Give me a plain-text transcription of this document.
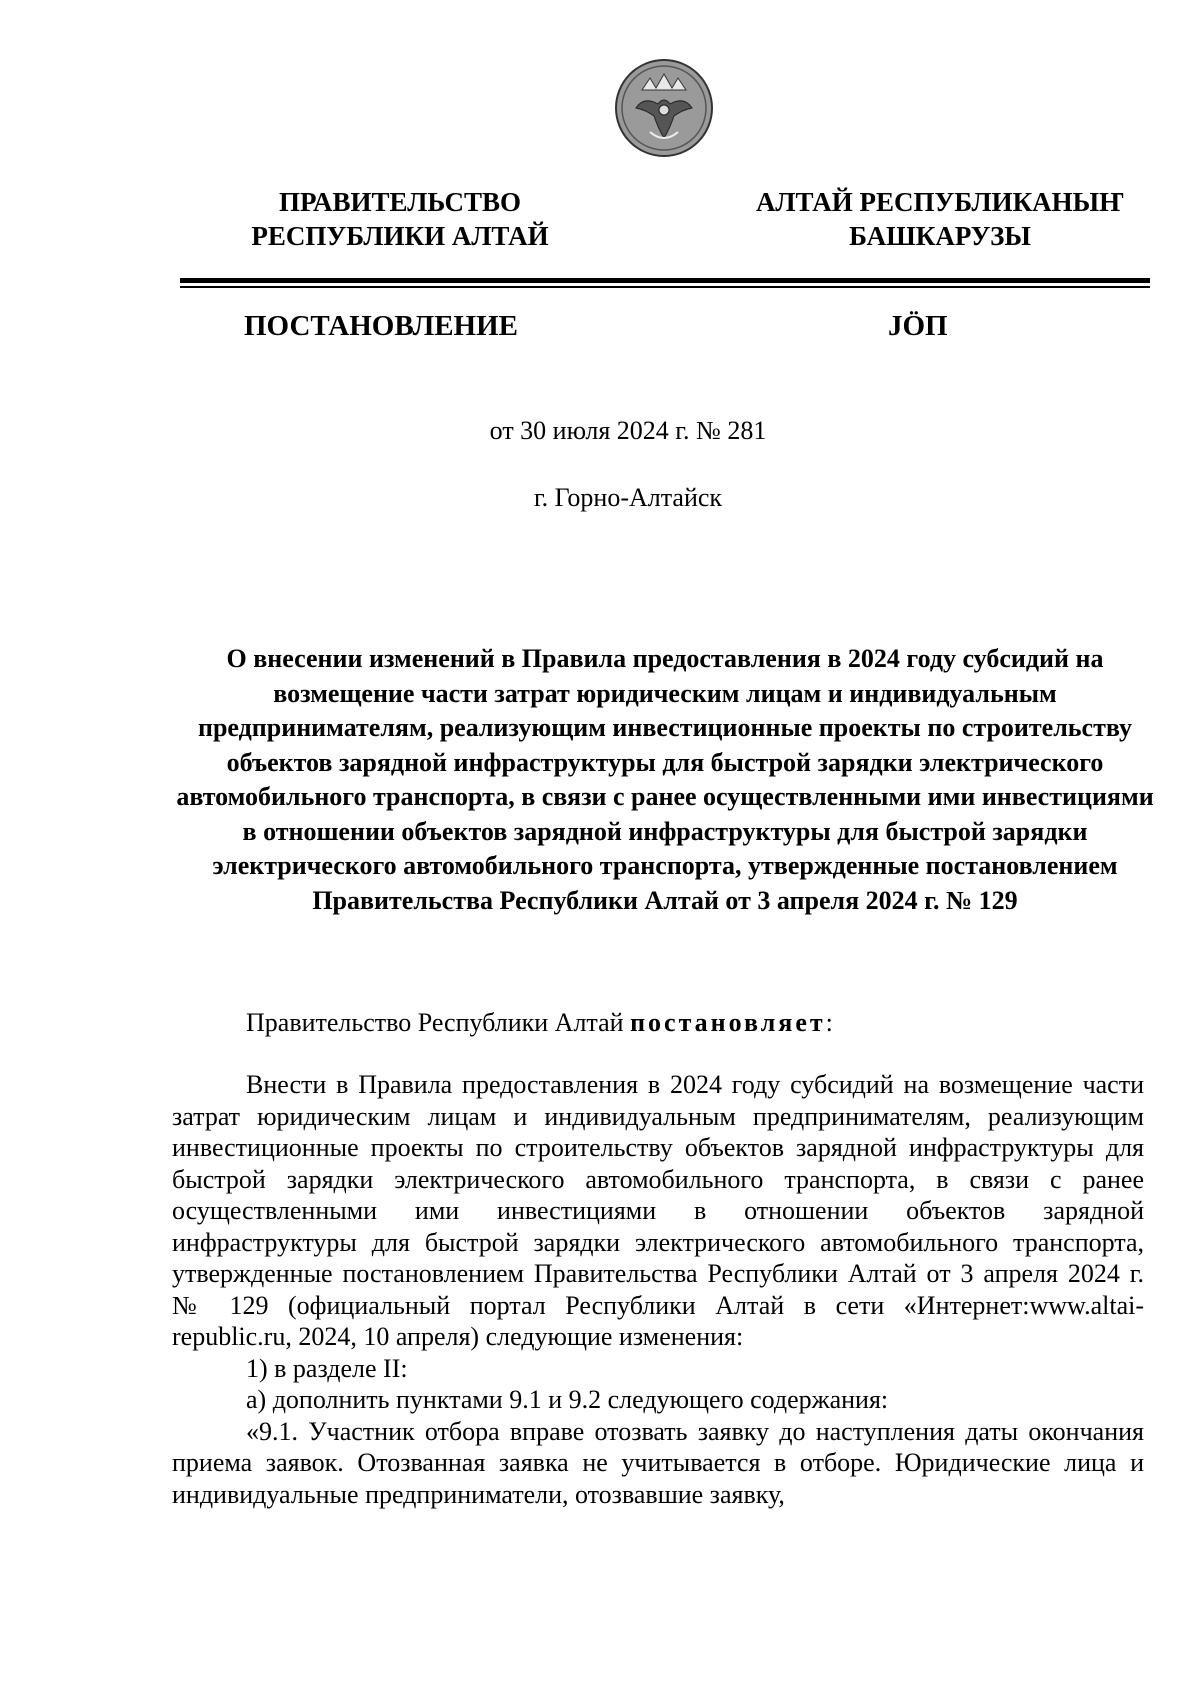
ПРАВИТЕЛЬСТВО
РЕСПУБЛИКИ АЛТАЙ
АЛТАЙ РЕСПУБЛИКАНЫҤ
БАШКАРУЗЫ
ПОСТАНОВЛЕНИЕ	JÖП
от 30 июля 2024 г. № 281
г. Горно-Алтайск
О внесении изменений в Правила предоставления в 2024 году субсидий на возмещение части затрат юридическим лицам и индивидуальным предпринимателям, реализующим инвестиционные проекты по строительству объектов зарядной инфраструктуры для быстрой зарядки электрического автомобильного транспорта, в связи с ранее осуществленными ими инвестициями в отношении объектов зарядной инфраструктуры для быстрой зарядки электрического автомобильного транспорта, утвержденные постановлением Правительства Республики Алтай от 3 апреля 2024 г. № 129
Правительство Республики Алтай постановляет:

Внести в Правила предоставления в 2024 году субсидий на возмещение части затрат юридическим лицам и индивидуальным предпринимателям, реализующим инвестиционные проекты по строительству объектов зарядной инфраструктуры для быстрой зарядки электрического автомобильного транспорта, в связи с ранее осуществленными ими инвестициями в отношении объектов зарядной инфраструктуры для быстрой зарядки электрического автомобильного транспорта, утвержденные постановлением Правительства Республики Алтай от 3 апреля 2024 г. № 129 (официальный портал Республики Алтай в сети «Интернет:www.altai-republic.ru, 2024, 10 апреля) следующие изменения:

1) в разделе II:

а) дополнить пунктами 9.1 и 9.2 следующего содержания:

«9.1. Участник отбора вправе отозвать заявку до наступления даты окончания приема заявок. Отозванная заявка не учитывается в отборе. Юридические лица и индивидуальные предприниматели, отозвавшие заявку,
